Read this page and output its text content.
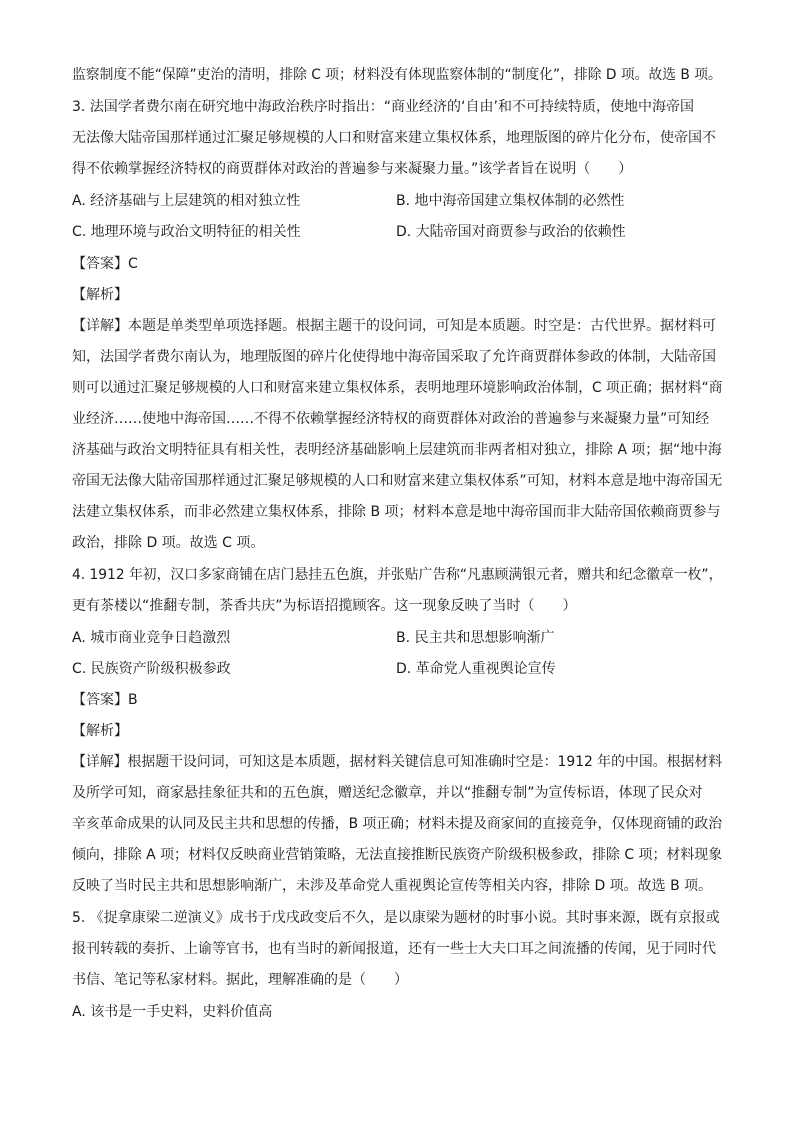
监察制度不能“保障”吏治的清明，排除 C 项；材料没有体现监察体制的“制度化”，排除 D 项。故选 B 项。
3. 法国学者费尔南在研究地中海政治秩序时指出：“商业经济的‘自由’和不可持续特质，使地中海帝国
无法像大陆帝国那样通过汇聚足够规模的人口和财富来建立集权体系，地理版图的碎片化分布，使帝国不
得不依赖掌握经济特权的商贾群体对政治的普遍参与来凝聚力量。”该学者旨在说明（　　）
A. 经济基础与上层建筑的相对独立性	B. 地中海帝国建立集权体制的必然性
C. 地理环境与政治文明特征的相关性	D. 大陆帝国对商贾参与政治的依赖性
【答案】C
【解析】
【详解】本题是单类型单项选择题。根据主题干的设问词，可知是本质题。时空是：古代世界。据材料可
知，法国学者费尔南认为，地理版图的碎片化使得地中海帝国采取了允许商贾群体参政的体制，大陆帝国
则可以通过汇聚足够规模的人口和财富来建立集权体系，表明地理环境影响政治体制，C 项正确；据材料“商
业经济……使地中海帝国……不得不依赖掌握经济特权的商贾群体对政治的普遍参与来凝聚力量”可知经
济基础与政治文明特征具有相关性，表明经济基础影响上层建筑而非两者相对独立，排除 A 项；据“地中海
帝国无法像大陆帝国那样通过汇聚足够规模的人口和财富来建立集权体系”可知，材料本意是地中海帝国无
法建立集权体系，而非必然建立集权体系，排除 B 项；材料本意是地中海帝国而非大陆帝国依赖商贾参与
政治，排除 D 项。故选 C 项。
4. 1912 年初，汉口多家商铺在店门悬挂五色旗，并张贴广告称“凡惠顾满银元者，赠共和纪念徽章一枚”，
更有茶楼以“推翻专制，茶香共庆”为标语招揽顾客。这一现象反映了当时（　　）
A. 城市商业竞争日趋激烈	B. 民主共和思想影响渐广
C. 民族资产阶级积极参政	D. 革命党人重视舆论宣传
【答案】B
【解析】
【详解】根据题干设问词，可知这是本质题，据材料关键信息可知准确时空是：1912 年的中国。根据材料
及所学可知，商家悬挂象征共和的五色旗，赠送纪念徽章，并以“推翻专制”为宣传标语，体现了民众对
辛亥革命成果的认同及民主共和思想的传播，B 项正确；材料未提及商家间的直接竞争，仅体现商铺的政治
倾向，排除 A 项；材料仅反映商业营销策略，无法直接推断民族资产阶级积极参政，排除 C 项；材料现象
反映了当时民主共和思想影响渐广，未涉及革命党人重视舆论宣传等相关内容，排除 D 项。故选 B 项。
5. 《捉拿康梁二逆演义》成书于戊戌政变后不久，是以康梁为题材的时事小说。其时事来源，既有京报或
报刊转载的奏折、上谕等官书，也有当时的新闻报道，还有一些士大夫口耳之间流播的传闻，见于同时代
书信、笔记等私家材料。据此，理解准确的是（　　）
A. 该书是一手史料，史料价值高
